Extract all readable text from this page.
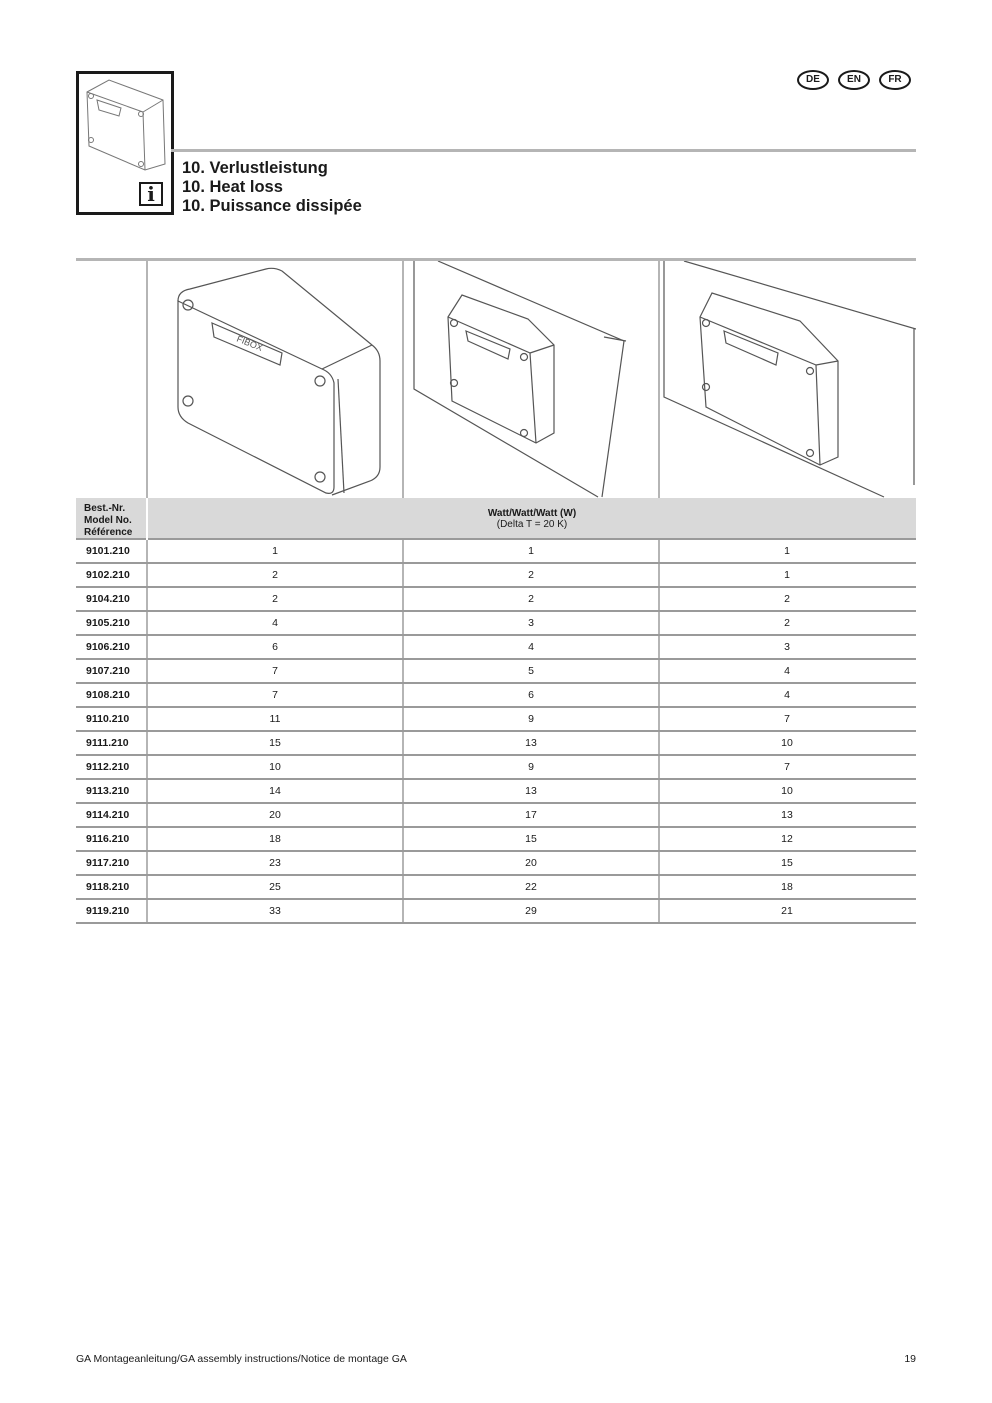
i
DE	EN	FR
10. Verlustleistung
10. Heat loss
10. Puissance dissipée
FIBOX
Best.-Nr.
Model No.
Référence
Watt/Watt/Watt (W)
(Delta T = 20 K)
9101.210	1	1	1
9102.210	2	2	1
9104.210	2	2	2
9105.210	4	3	2
9106.210	6	4	3
9107.210	7	5	4
9108.210	7	6	4
9110.210	11	9	7
9111.210	15	13	10
9112.210	10	9	7
9113.210	14	13	10
9114.210	20	17	13
9116.210	18	15	12
9117.210	23	20	15
9118.210	25	22	18
9119.210	33	29	21
GA Montageanleitung/GA assembly instructions/Notice de montage GA	19
